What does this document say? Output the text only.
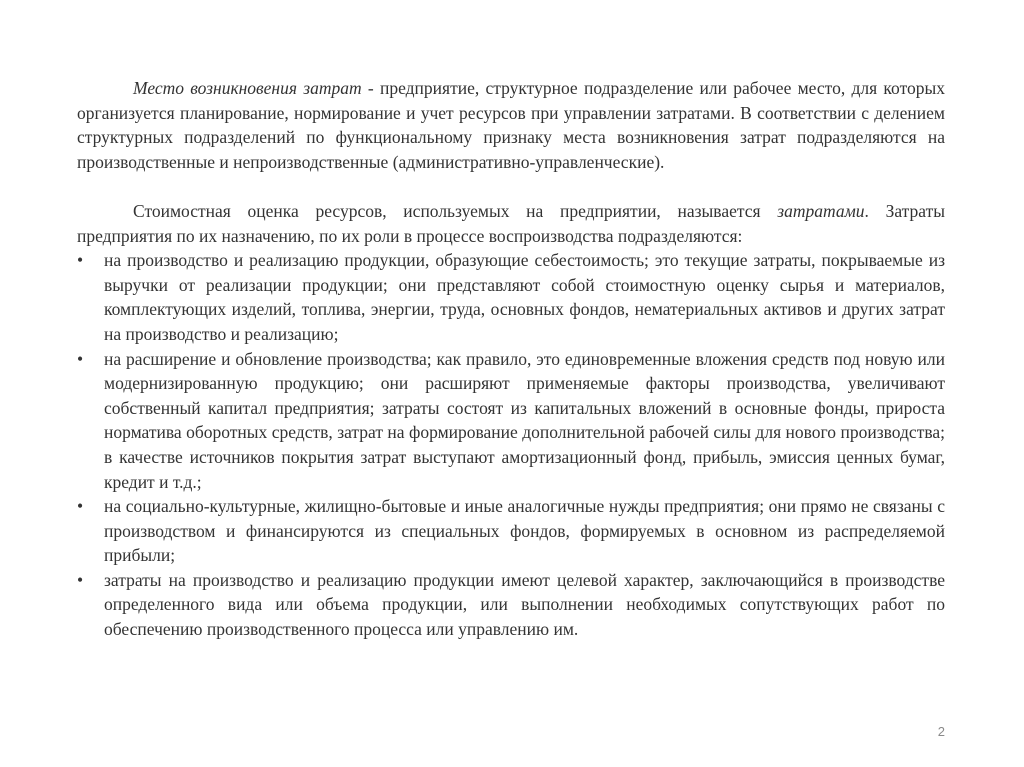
Место возникновения затрат - предприятие, структурное подразделение или рабочее место, для которых организуется планирование, нормирование и учет ресурсов при управлении затратами. В соответствии с делением структурных подразделений по функциональному признаку места возникновения затрат подразделяются на производственные и непроизводственные (административно-управленческие).

Стоимостная оценка ресурсов, используемых на предприятии, называется затратами. Затраты предприятия по их назначению, по их роли в процессе воспроизводства подразделяются:

• на производство и реализацию продукции, образующие себестоимость; это текущие затраты, покрываемые из выручки от реализации продукции; они представляют собой стоимостную оценку сырья и материалов, комплектующих изделий, топлива, энергии, труда, основных фондов, нематериальных активов и других затрат на производство и реализацию;
• на расширение и обновление производства; как правило, это единовременные вложения средств под новую или модернизированную продукцию; они расширяют применяемые факторы производства, увеличивают собственный капитал предприятия; затраты состоят из капитальных вложений в основные фонды, прироста норматива оборотных средств, затрат на формирование дополнительной рабочей силы для нового производства; в качестве источников покрытия затрат выступают амортизационный фонд, прибыль, эмиссия ценных бумаг, кредит и т.д.;
• на социально-культурные, жилищно-бытовые и иные аналогичные нужды предприятия; они прямо не связаны с производством и финансируются из специальных фондов, формируемых в основном из распределяемой прибыли;
• затраты на производство и реализацию продукции имеют целевой характер, заключающийся в производстве определенного вида или объема продукции, или выполнении необходимых сопутствующих работ по обеспечению производственного процесса или управлению им.
2
